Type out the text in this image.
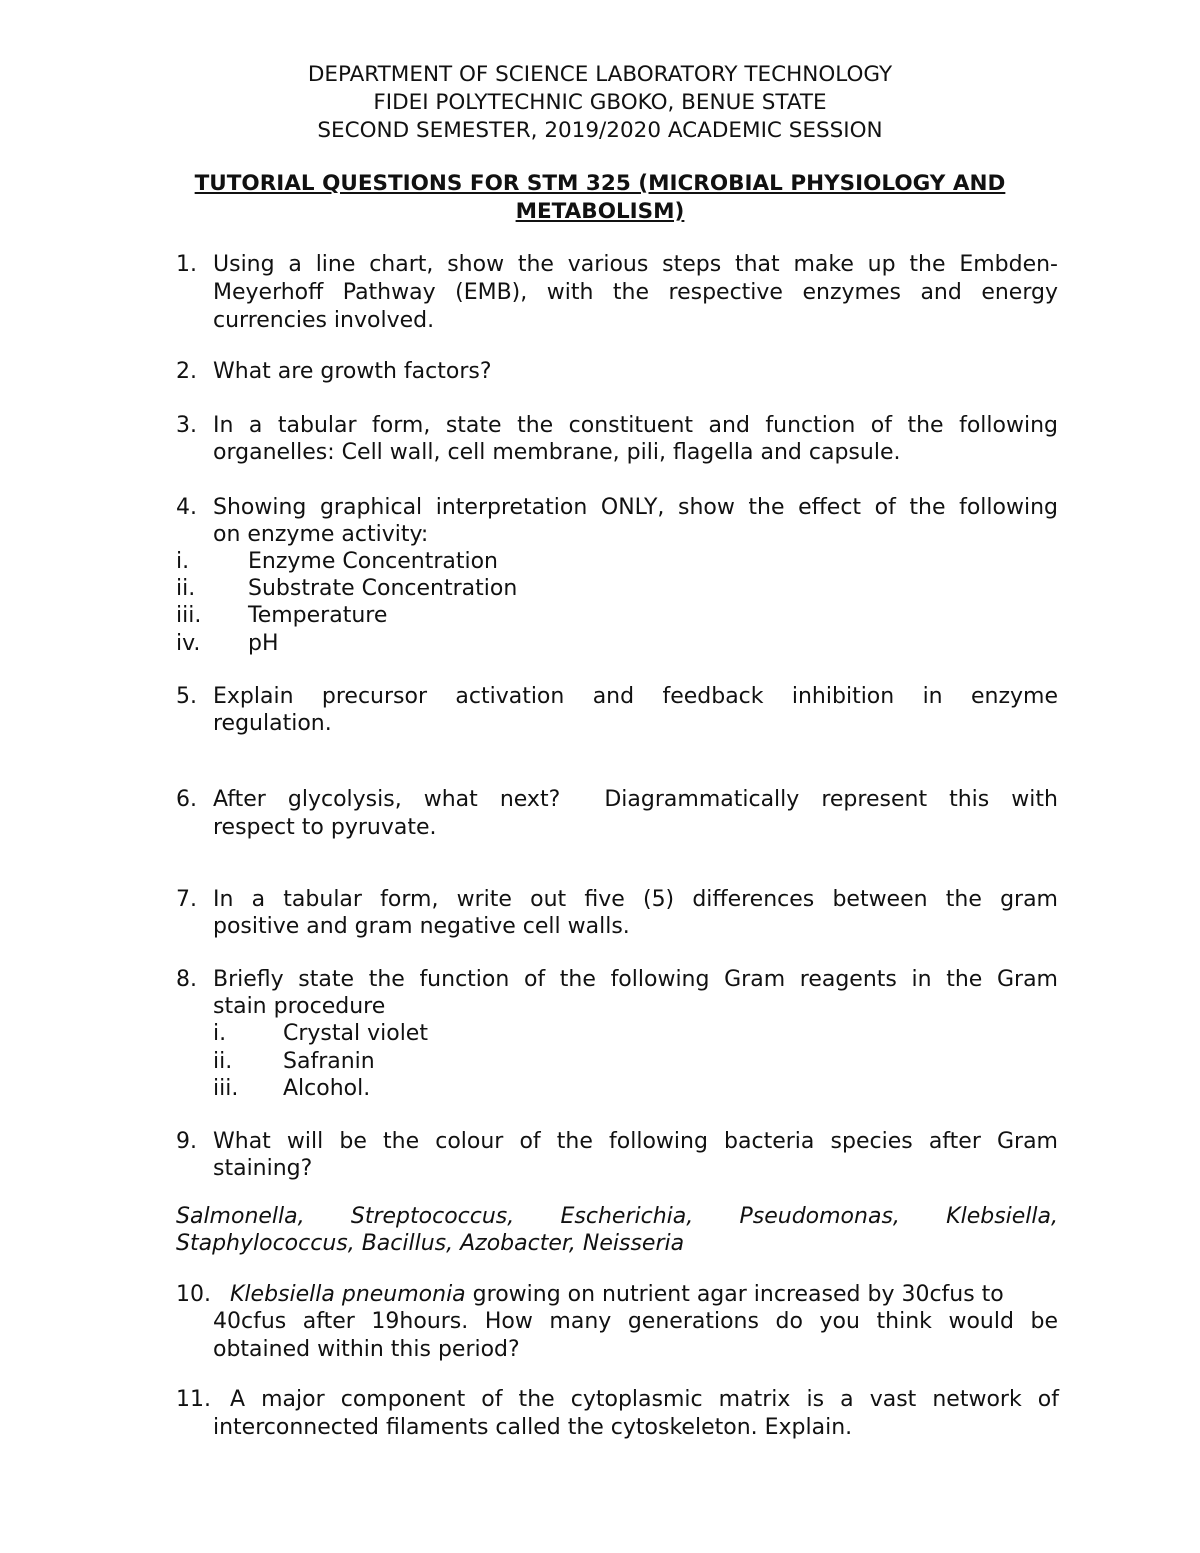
DEPARTMENT OF SCIENCE LABORATORY TECHNOLOGY
FIDEI POLYTECHNIC GBOKO, BENUE STATE
SECOND SEMESTER, 2019/2020 ACADEMIC SESSION
TUTORIAL QUESTIONS FOR STM 325 (MICROBIAL PHYSIOLOGY AND
METABOLISM)
1. Using a line chart, show the various steps that make up the Embden-
Meyerhoff Pathway (EMB), with the respective enzymes and energy
currencies involved.
2. What are growth factors?
3. In a tabular form, state the constituent and function of the following
organelles: Cell wall, cell membrane, pili, flagella and capsule.
4. Showing graphical interpretation ONLY, show the effect of the following
on enzyme activity:
i.	Enzyme Concentration
ii. Substrate Concentration
iii. Temperature
iv. pH
5. Explain precursor activation and feedback inhibition in enzyme
regulation.
6. After glycolysis, what next?  Diagrammatically represent this with
respect to pyruvate.
7. In a tabular form, write out five (5) differences between the gram
positive and gram negative cell walls.
8. Briefly state the function of the following Gram reagents in the Gram
stain procedure
i.	Crystal violet
ii. Safranin
iii. Alcohol.
9. What will be the colour of the following bacteria species after Gram
staining?
Salmonella, Streptococcus, Escherichia, Pseudomonas, Klebsiella,
Staphylococcus, Bacillus, Azobacter, Neisseria
10. Klebsiella pneumonia growing on nutrient agar increased by 30cfus to
40cfus after 19hours. How many generations do you think would be
obtained within this period?
11. A major component of the cytoplasmic matrix is a vast network of
interconnected filaments called the cytoskeleton. Explain.
